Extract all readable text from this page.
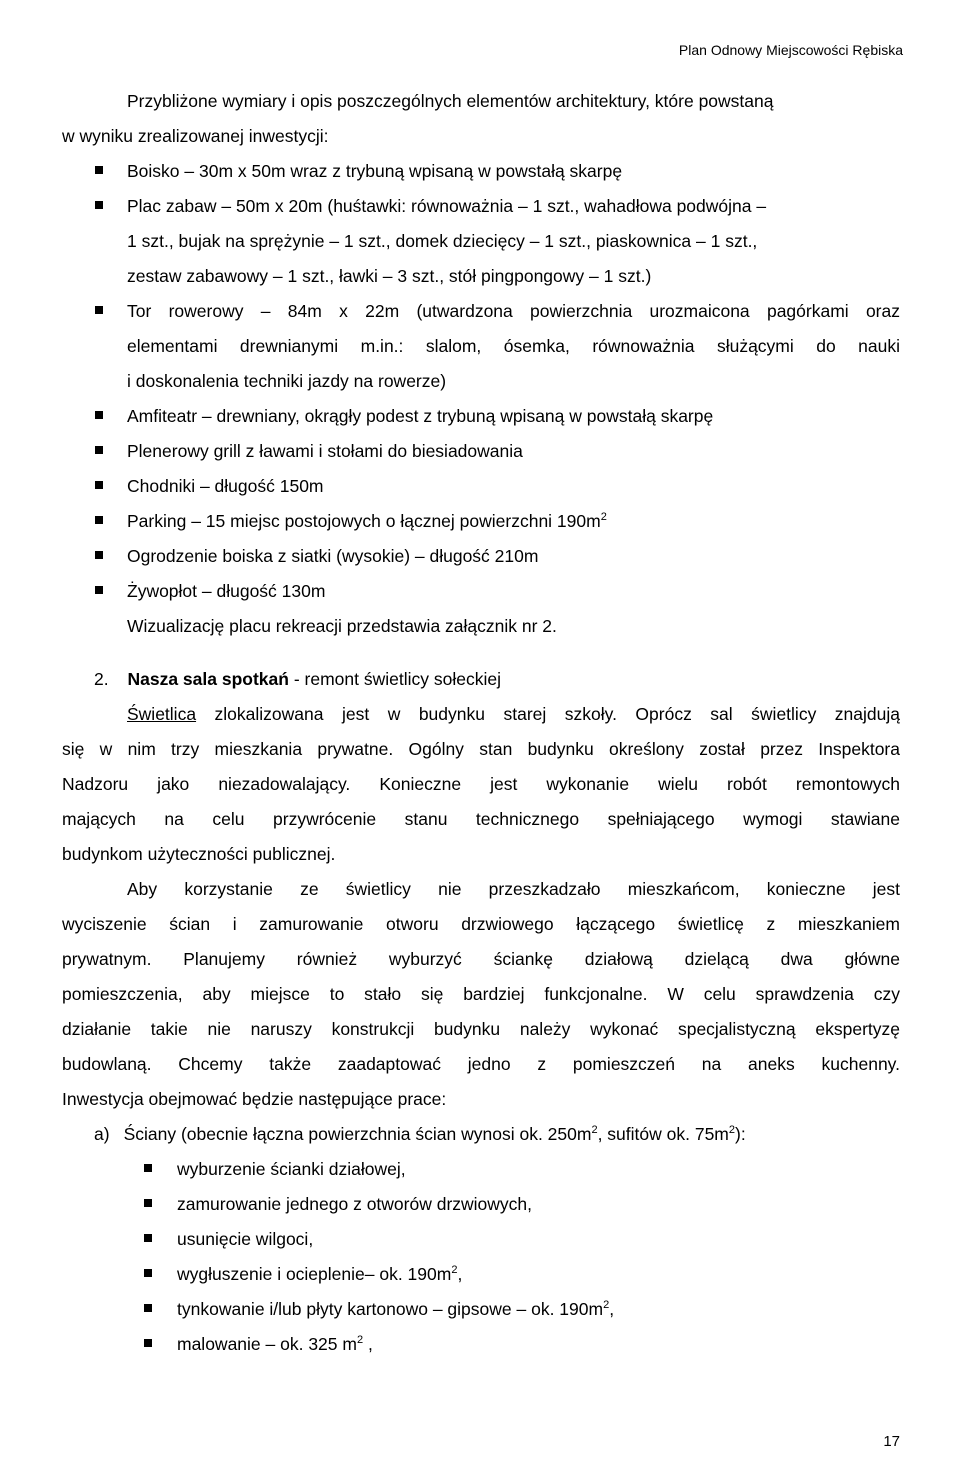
Plan Odnowy Miejscowości Rębiska
Przybliżone wymiary i opis poszczególnych elementów architektury, które powstaną
w wyniku zrealizowanej inwestycji:
Boisko – 30m x 50m wraz z trybuną wpisaną w powstałą skarpę
Plac zabaw – 50m x 20m (huśtawki: równoważnia – 1 szt., wahadłowa podwójna –
1 szt., bujak na sprężynie – 1 szt., domek dziecięcy – 1 szt., piaskownica – 1 szt.,
zestaw zabawowy – 1 szt., ławki – 3 szt., stół pingpongowy – 1 szt.)
Tor rowerowy – 84m x 22m (utwardzona powierzchnia urozmaicona pagórkami oraz
elementami drewnianymi m.in.: slalom, ósemka, równoważnia służącymi do nauki
i doskonalenia techniki jazdy na rowerze)
Amfiteatr – drewniany, okrągły podest z trybuną wpisaną w powstałą skarpę
Plenerowy grill z ławami i stołami do biesiadowania
Chodniki – długość 150m
Parking – 15 miejsc postojowych o łącznej powierzchni $190m^2$
Ogrodzenie boiska z siatki (wysokie) – długość 210m
Żywopłot – długość 130m
Wizualizację placu rekreacji przedstawia załącznik nr 2.
2. Nasza sala spotkań - remont świetlicy sołeckiej
Świetlica zlokalizowana jest w budynku starej szkoły. Oprócz sal świetlicy znajdują
się w nim trzy mieszkania prywatne. Ogólny stan budynku określony został przez Inspektora
Nadzoru jako niezadowalający. Konieczne jest wykonanie wielu robót remontowych
mających na celu przywrócenie stanu technicznego spełniającego wymogi stawiane
budynkom użyteczności publicznej.
Aby korzystanie ze świetlicy nie przeszkadzało mieszkańcom, konieczne jest
wyciszenie ścian i zamurowanie otworu drzwiowego łączącego świetlicę z mieszkaniem
prywatnym. Planujemy również wyburzyć ściankę działową dzielącą dwa główne
pomieszczenia, aby miejsce to stało się bardziej funkcjonalne. W celu sprawdzenia czy
działanie takie nie naruszy konstrukcji budynku należy wykonać specjalistyczną ekspertyzę
budowlaną. Chcemy także zaadaptować jedno z pomieszczeń na aneks kuchenny.
Inwestycja obejmować będzie następujące prace:
a) Ściany (obecnie łączna powierzchnia ścian wynosi ok. $250m^2$, sufitów ok. $75m^2$):
wyburzenie ścianki działowej,
zamurowanie jednego z otworów drzwiowych,
usunięcie wilgoci,
wygłuszenie i ocieplenie– ok. $190m^2$,
tynkowanie i/lub płyty kartonowo – gipsowe – ok. $190m^2$,
malowanie – ok. 325 $m^2$ ,
17
